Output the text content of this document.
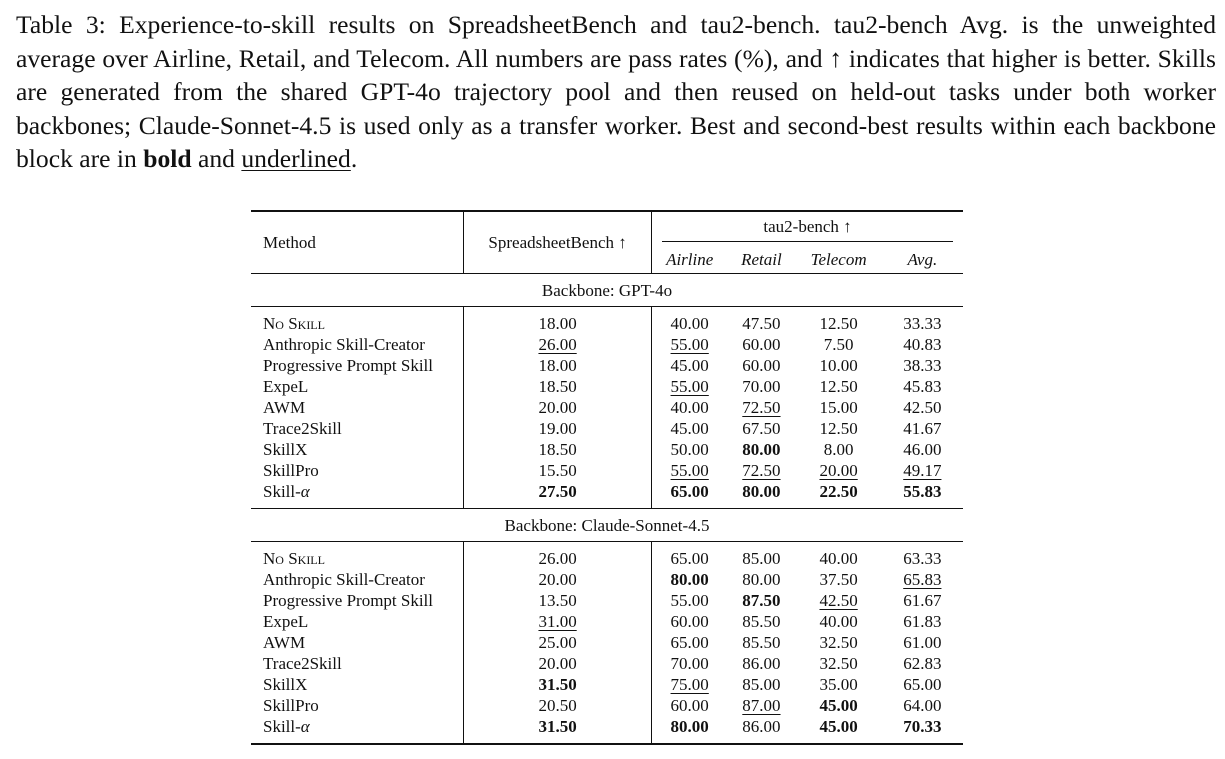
Table 3: Experience-to-skill results on SpreadsheetBench and tau2-bench. tau2-bench Avg. is the unweighted average over Airline, Retail, and Telecom. All numbers are pass rates (%), and ↑ indicates that higher is better. Skills are generated from the shared GPT-4o trajectory pool and then reused on held-out tasks under both worker backbones; Claude-Sonnet-4.5 is used only as a transfer worker. Best and second-best results within each backbone block are in bold and underlined.
Method	SpreadsheetBench ↑	tau2-bench ↑			

		Airline	Retail	Telecom	Avg.
Backbone: GPT-4o					
No Skill	18.00	40.00	47.50	12.50	33.33
Anthropic Skill-Creator	26.00	55.00	60.00	7.50	40.83
Progressive Prompt Skill	18.00	45.00	60.00	10.00	38.33
ExpeL	18.50	55.00	70.00	12.50	45.83
AWM	20.00	40.00	72.50	15.00	42.50
Trace2Skill	19.00	45.00	67.50	12.50	41.67
SkillX	18.50	50.00	80.00	8.00	46.00
SkillPro	15.50	55.00	72.50	20.00	49.17
Skill-α	27.50	65.00	80.00	22.50	55.83
Backbone: Claude-Sonnet-4.5					
No Skill	26.00	65.00	85.00	40.00	63.33
Anthropic Skill-Creator	20.00	80.00	80.00	37.50	65.83
Progressive Prompt Skill	13.50	55.00	87.50	42.50	61.67
ExpeL	31.00	60.00	85.50	40.00	61.83
AWM	25.00	65.00	85.50	32.50	61.00
Trace2Skill	20.00	70.00	86.00	32.50	62.83
SkillX	31.50	75.00	85.00	35.00	65.00
SkillPro	20.50	60.00	87.00	45.00	64.00
Skill-α	31.50	80.00	86.00	45.00	70.33
